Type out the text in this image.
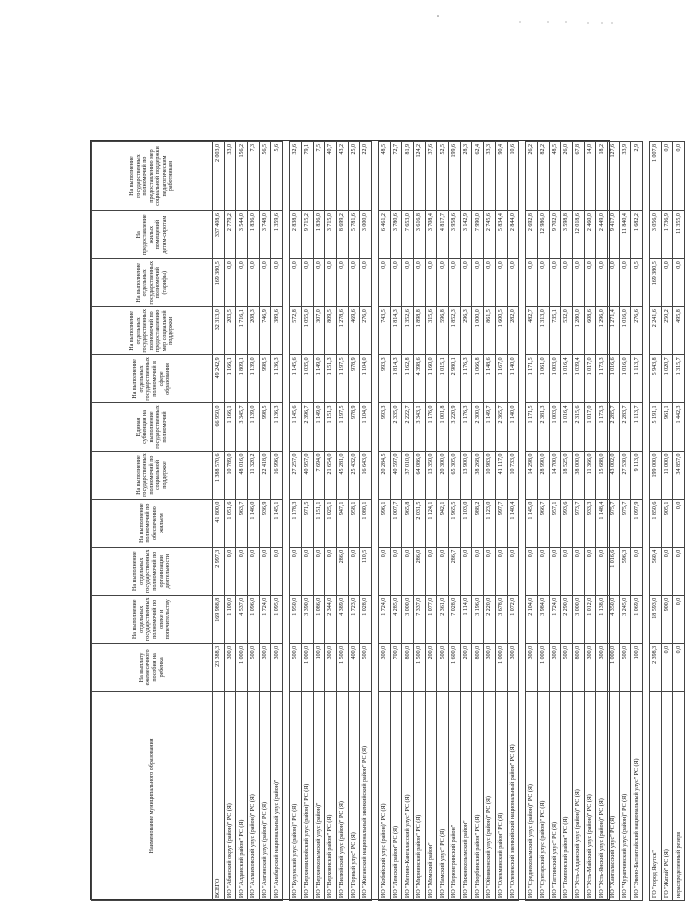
Наименование муниципального образования	На выплату ежемесячного пособия на ребенка	На выполнение отдельных государственных полномочий по опеке и попечительству	На выполнение отдельных государственных полномочий по организации деятельности	На выполнение полномочий по обеспечению жильем	На выполнение государственных полномочий по социальной поддержке	Единая субвенция на выполнение государственных полномочий	На выполнение отдельных государственных полномочий в сфере образования	На выполнение отдельных государственных полномочий по предоставлению мер социальной поддержки	На выполнение отдельных государственных полномочий (тарифы)	На предоставление жилых помещений детям-сиротам	На выполнение государственных полномочий по предоставлению мер социальной поддержки педагогическим работникам
ВСЕГО	23 388,3	169 988,8	2 997,3	41 800,0	1 388 570,6	66 950,0	49 242,9	32 313,0	169 380,5	337 408,6	2 003,0
ИО "Абанский округ (район)" РС (Я)	300,0	1 100,0	0,0	1 051,6	10 789,0	1 166,1	1 166,1	203,5	0,0	2 779,2	33,0
ИО "Алданский район" РС (Я)	1 000,0	4 537,0	0,0	963,7	48 016,0	3 345,7	1 809,1	1 716,1	0,0	3 544,0	156,2
ИО "Аллаиховский улус (район)" РС (Я)	500,0	1 096,0	0,0	1 146,0	11 320,2	1 139,0	1 139,0	208,3	0,0	1 836,0	7,3
ИО "Амгинский улус (район)" РС (Я)	300,0	1 724,0	0,0	936,9	22 418,0	998,5	998,5	746,9	0,0	3 748,0	56,5
ИО "Анабарский национальный улус (район)"	300,0	1 095,0	0,0	1 145,1	16 996,0	1 136,3	1 136,3	389,6	0,0	1 359,6	5,6

ИО "Булунский улус (район)" РС (Я)	500,0	1 950,0	0,0	1 178,3	27 257,0	1 145,6	1 145,6	572,8	0,0	2 838,0	32,6
ИО "Верхневилюйский улус (район)" РС (Я)	1 000,0	3 390,0	0,0	971,5	40 957,0	2 396,7	1 035,0	1 055,0	0,0	9 715,2	79,1
ИО "Верхнеколымский улус (район)"	100,0	1 086,0	0,0	1 151,1	7 694,0	1 149,0	1 149,0	307,0	0,0	1 836,0	7,5
ИО "Верхоянский район" РС (Я)	300,0	2 344,0	0,0	1 025,1	21 654,0	1 151,3	1 151,3	809,5	0,0	3 715,0	40,7
ИО "Вилюйский улус (район)" РС (Я)	1 500,0	4 389,0	286,0	947,1	45 281,0	1 197,5	1 197,5	1 278,6	0,0	8 699,2	43,2
ИО "Горный улус" РС (Я)	400,0	1 723,0	0,0	958,1	25 432,0	978,9	978,9	469,6	0,0	5 781,6	25,0
ИО "Жиганский национальный эвенкийский район" РС (Я)	500,0	1 028,0	110,5	1 080,1	16 643,0	1 104,0	1 104,0	276,0	0,0	3 000,0	22,0

ИО "Кобяйский улус (район)" РС (Я)	300,0	1 724,0	0,0	996,1	20 284,5	993,3	993,3	743,5	0,0	6 461,2	48,5
ИО "Ленский район" РС (Я)	700,0	4 285,0	0,0	1 007,7	40 597,0	2 335,0	1 814,3	1 814,3	0,0	3 780,6	72,7
ИО "Мегино-Кангаласский улус" РС (Я)	800,0	3 000,0	0,0	965,8	37 010,0	2 222,7	1 162,8	1 352,6	0,0	7 653,0	81,9
ИО "Мирнинский район" РС (Я)	1 500,0	7 337,0	286,0	2 031,5	64 086,0	3 343,1	4 398,6	1 898,8	0,0	3 616,8	124,2
ИО "Момский район"	200,0	1 077,0	0,0	1 124,1	13 350,0	1 176,0	1 160,0	315,6	0,0	3 708,4	37,6
ИО "Намский улус" РС (Я)	500,0	2 361,0	0,0	942,1	20 300,0	1 001,8	1 015,1	596,8	0,0	4 817,7	52,5
ИО "Нерюнгринский район"	1 600,0	7 028,0	286,7	1 965,5	65 305,0	3 220,9	2 980,1	1 852,3	0,0	3 958,6	199,6
ИО "Нижнеколымский район"	200,0	1 114,0	0,0	1 103,0	13 900,0	1 176,3	1 176,3	296,3	0,0	3 142,9	28,3
ИО "Нюрбинский район" РС (Я)	800,0	3 196,0	0,0	988,2	38 268,0	2 300,0	1 066,8	1 000,0	0,0	7 990,0	62,4
ИО "Оймяконский улус (район)" РС (Я)	300,0	2 220,0	0,0	1 123,0	10 983,0	1 149,7	1 148,6	861,5	0,0	2 745,6	33,3
ИО "Олекминский район" РС (Я)	1 000,0	3 678,0	0,0	997,7	41 117,0	2 365,7	1 167,0	1 600,5	0,0	5 834,4	90,4
ИО "Оленекский эвенкийский национальный район" РС (Я)	300,0	1 072,0	0,0	1 140,4	10 733,0	1 140,0	1 140,0	282,0	0,0	2 844,0	10,6

ИО "Среднеколымский улус (район)" РС (Я)	300,0	2 104,0	0,0	1 145,0	14 298,0	1 171,5	1 171,5	482,7	0,0	2 692,8	26,2
ИО "Сунтарский улус (район)" РС (Я)	1 000,0	3 984,0	0,0	966,7	28 990,0	2 381,3	1 061,0	1 313,0	0,0	12 986,0	82,2
ИО "Таттинский улус" РС (Я)	300,0	1 724,0	0,0	957,1	14 700,0	1 003,0	1 003,0	735,1	0,0	9 702,0	48,5
ИО "Томпонский район" РС (Я)	500,0	2 290,0	0,0	993,6	18 525,0	1 016,4	1 016,4	532,0	0,0	3 598,8	26,0
ИО "Усть-Алданский улус (район)" РС (Я)	800,0	3 000,0	0,0	973,7	38 000,0	2 315,6	1 039,4	1 280,0	0,0	12 018,6	67,8
ИО "Усть-Майский улус (район)" РС (Я)	300,0	1 012,0	0,0	933,3	11 366,0	1 017,0	1 017,0	608,6	0,0	2 460,0	14,0
ИО "Усть-Янский улус (район)" РС (Я)	300,0	1 138,0	0,0	1 148,4	15 688,0	1 173,3	1 173,3	1 296,0	0,0	2 449,0	18,2
ИО "Хангаласский улус" РС (Я)	1 000,0	4 350,0	1 016,6	975,7	43 002,0	2 285,7	1 016,6	1 271,4	0,0	9 417,0	127,6
ИО "Чурапчинский улус (район)" РС (Я)	500,0	3 245,0	596,3	975,7	27 530,0	2 283,7	1 016,0	1 016,0	0,0	11 840,4	33,9
ИО "Эвено-Бытантайский национальный улус" РС (Я)	100,0	1 069,0	0,0	1 097,9	9 113,0	1 113,7	1 113,7	276,6	0,5	1 682,2	2,9

ГО "город Якутск"	2 398,3	18 593,0	560,4	1 850,6	199 000,0	5 191,1	5 943,8	2 241,6	169 380,5	3 056,0	1 007,8
ГО "Жатай" РС (Я)	0,0	900,0	0,0	905,1	11 000,0	961,1	1 020,7	250,2	0,0	1 736,9	0,0
нераспределенный резерв	0,0	0,0	0,0	0,0	34 857,0	1 442,3	1 315,7	495,8	0,0	11 355,0	0,0
